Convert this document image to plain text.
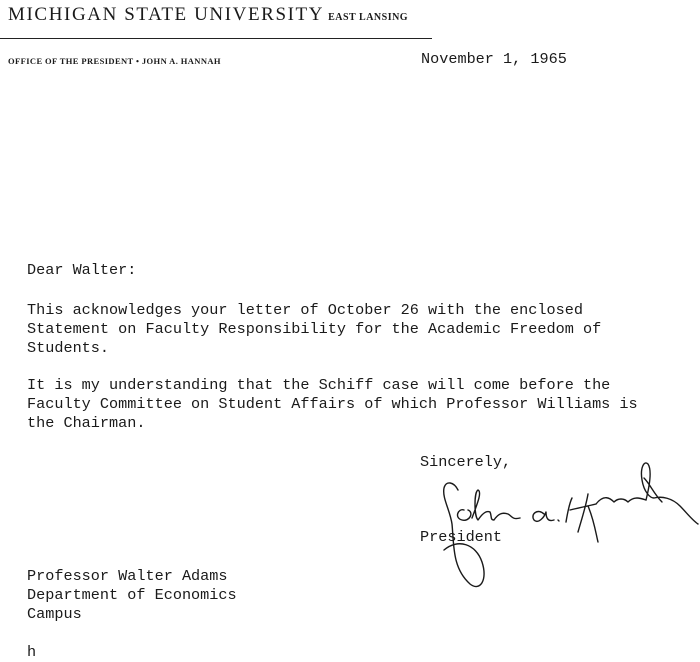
MICHIGAN STATE UNIVERSITY EAST LANSING
OFFICE OF THE PRESIDENT • JOHN A. HANNAH	November 1, 1965
Dear Walter:
This acknowledges your letter of October 26 with the enclosed
Statement on Faculty Responsibility for the Academic Freedom of
Students.
It is my understanding that the Schiff case will come before the
Faculty Committee on Student Affairs of which Professor Williams is
the Chairman.
Sincerely,
President
Professor Walter Adams
Department of Economics
Campus
h
